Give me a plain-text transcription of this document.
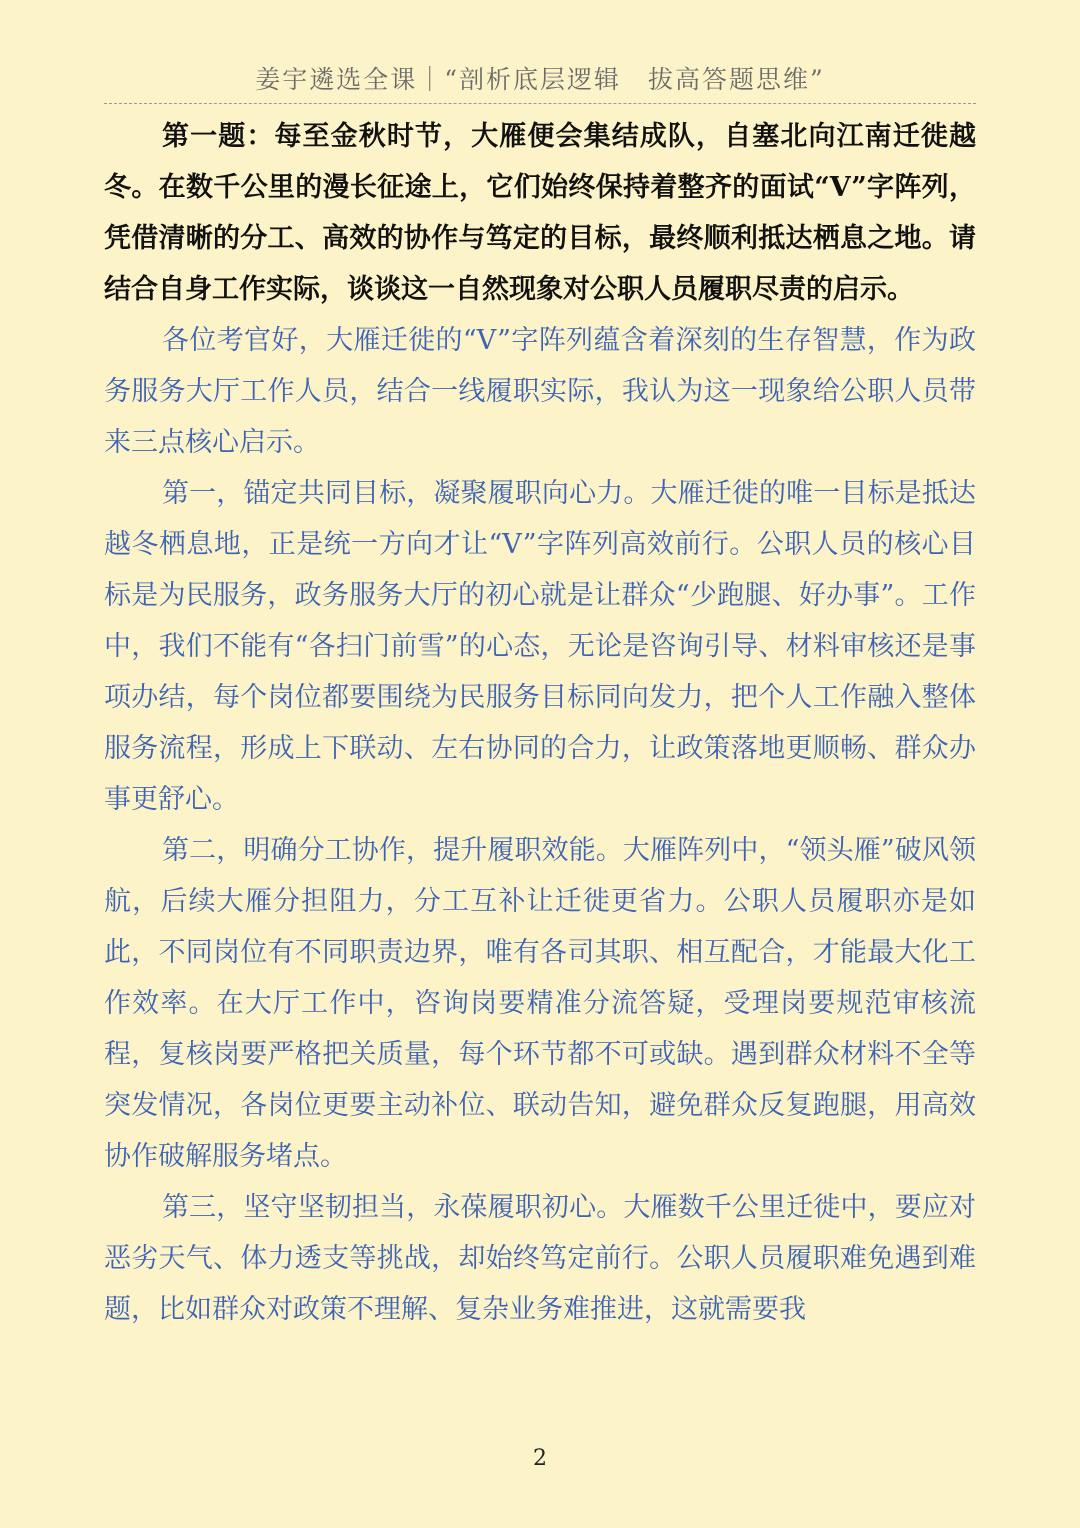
姜宇遴选全课｜“剖析底层逻辑　拔高答题思维”

第一题：每至金秋时节，大雁便会集结成队，自塞北向江南迁徙越冬。在数千公里的漫长征途上，它们始终保持着整齐的面试“V”字阵列，凭借清晰的分工、高效的协作与笃定的目标，最终顺利抵达栖息之地。请结合自身工作实际，谈谈这一自然现象对公职人员履职尽责的启示。

各位考官好，大雁迁徙的“V”字阵列蕴含着深刻的生存智慧，作为政务服务大厅工作人员，结合一线履职实际，我认为这一现象给公职人员带来三点核心启示。

第一，锚定共同目标，凝聚履职向心力。大雁迁徙的唯一目标是抵达越冬栖息地，正是统一方向才让“V”字阵列高效前行。公职人员的核心目标是为民服务，政务服务大厅的初心就是让群众“少跑腿、好办事”。工作中，我们不能有“各扫门前雪”的心态，无论是咨询引导、材料审核还是事项办结，每个岗位都要围绕为民服务目标同向发力，把个人工作融入整体服务流程，形成上下联动、左右协同的合力，让政策落地更顺畅、群众办事更舒心。

第二，明确分工协作，提升履职效能。大雁阵列中，“领头雁”破风领航，后续大雁分担阻力，分工互补让迁徙更省力。公职人员履职亦是如此，不同岗位有不同职责边界，唯有各司其职、相互配合，才能最大化工作效率。在大厅工作中，咨询岗要精准分流答疑，受理岗要规范审核流程，复核岗要严格把关质量，每个环节都不可或缺。遇到群众材料不全等突发情况，各岗位更要主动补位、联动告知，避免群众反复跑腿，用高效协作破解服务堵点。

第三，坚守坚韧担当，永葆履职初心。大雁数千公里迁徙中，要应对恶劣天气、体力透支等挑战，却始终笃定前行。公职人员履职难免遇到难题，比如群众对政策不理解、复杂业务难推进，这就需要我

2
